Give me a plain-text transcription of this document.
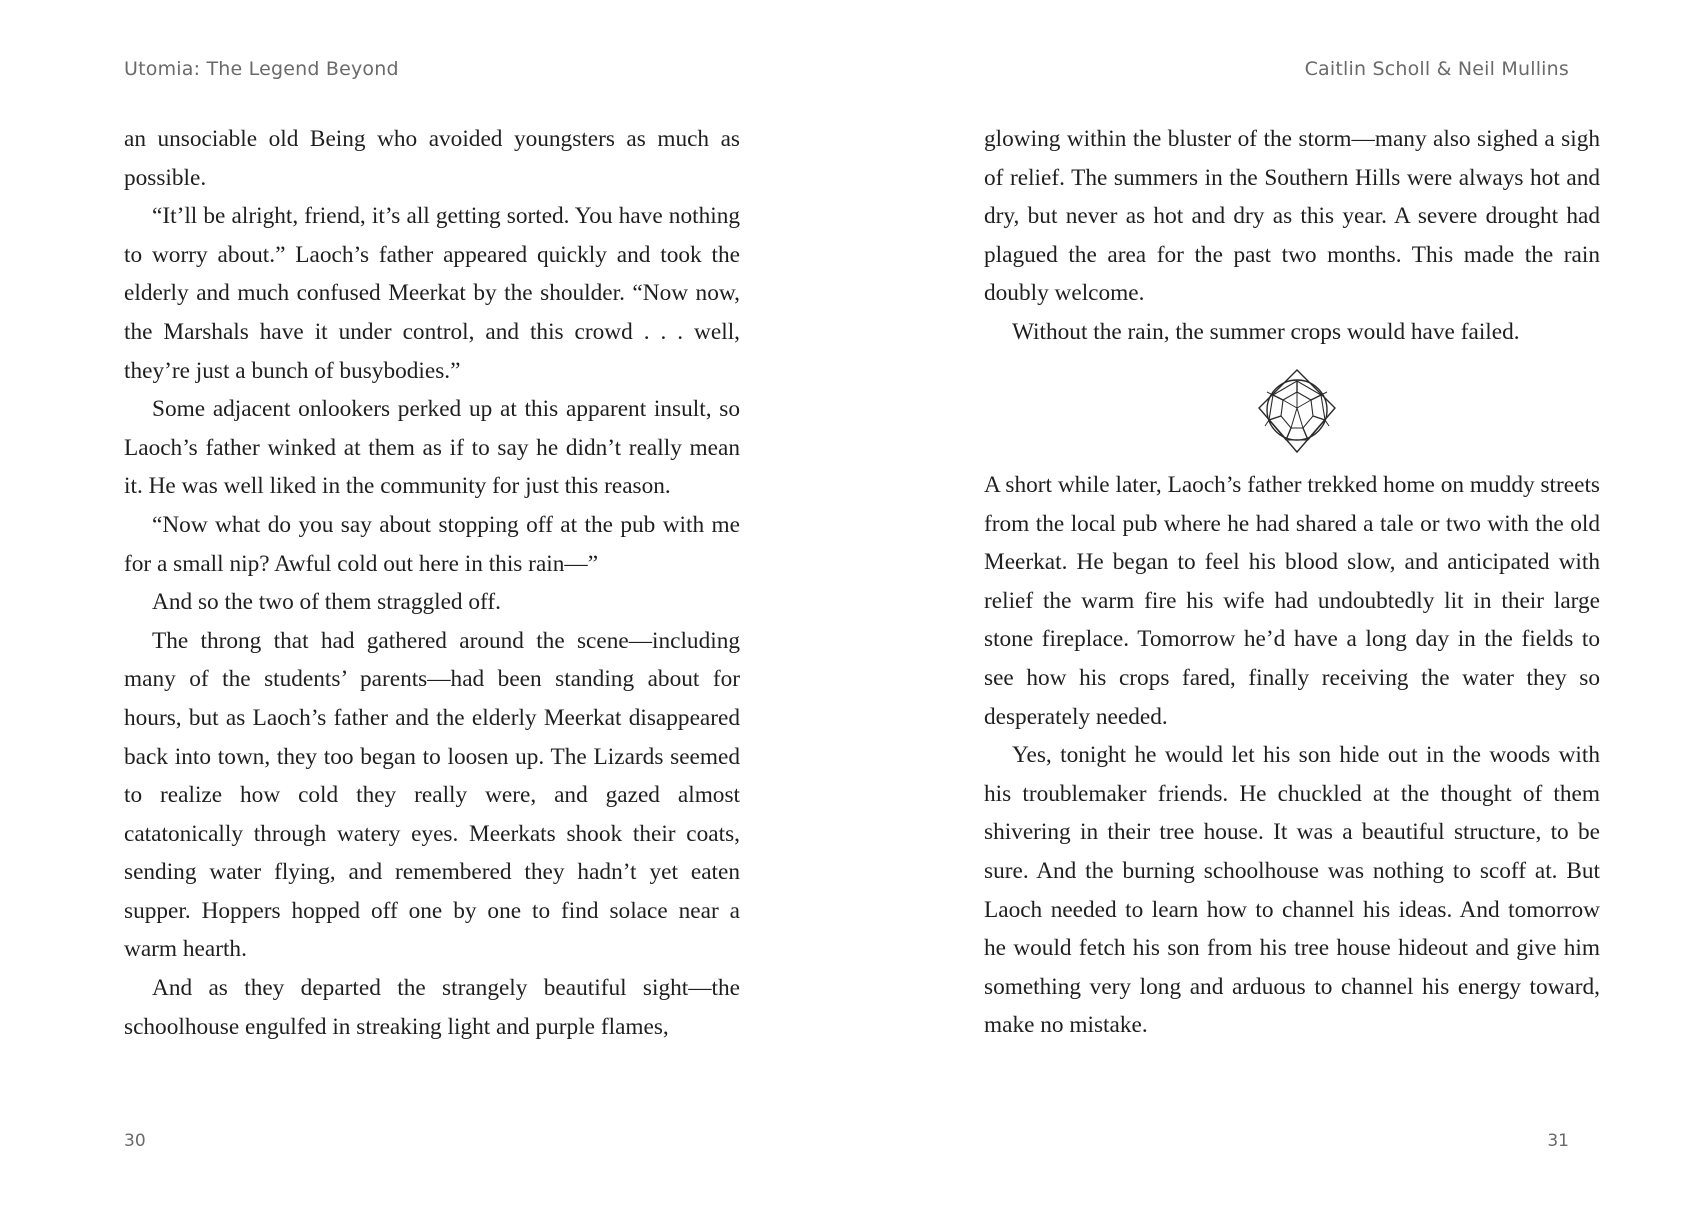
Utomia: The Legend Beyond

an unsociable old Being who avoided youngsters as much as possible.

“It’ll be alright, friend, it’s all getting sorted. You have nothing to worry about.” Laoch’s father appeared quickly and took the elderly and much confused Meerkat by the shoulder. “Now now, the Marshals have it under control, and this crowd . . . well, they’re just a bunch of busybodies.”

Some adjacent onlookers perked up at this apparent insult, so Laoch’s father winked at them as if to say he didn’t really mean it. He was well liked in the community for just this reason.

“Now what do you say about stopping off at the pub with me for a small nip? Awful cold out here in this rain—”

And so the two of them straggled off.

The throng that had gathered around the scene—including many of the students’ parents—had been standing about for hours, but as Laoch’s father and the elderly Meerkat disappeared back into town, they too began to loosen up. The Lizards seemed to realize how cold they really were, and gazed almost catatonically through watery eyes. Meerkats shook their coats, sending water flying, and remembered they hadn’t yet eaten supper. Hoppers hopped off one by one to find solace near a warm hearth.

And as they departed the strangely beautiful sight—the schoolhouse engulfed in streaking light and purple flames,

30
Caitlin Scholl & Neil Mullins

glowing within the bluster of the storm—many also sighed a sigh of relief. The summers in the Southern Hills were always hot and dry, but never as hot and dry as this year. A severe drought had plagued the area for the past two months. This made the rain doubly welcome.

Without the rain, the summer crops would have failed.

A short while later, Laoch’s father trekked home on muddy streets from the local pub where he had shared a tale or two with the old Meerkat. He began to feel his blood slow, and anticipated with relief the warm fire his wife had undoubtedly lit in their large stone fireplace. Tomorrow he’d have a long day in the fields to see how his crops fared, finally receiving the water they so desperately needed.

Yes, tonight he would let his son hide out in the woods with his troublemaker friends. He chuckled at the thought of them shivering in their tree house. It was a beautiful structure, to be sure. And the burning schoolhouse was nothing to scoff at. But Laoch needed to learn how to channel his ideas. And tomorrow he would fetch his son from his tree house hideout and give him something very long and arduous to channel his energy toward, make no mistake.

31
